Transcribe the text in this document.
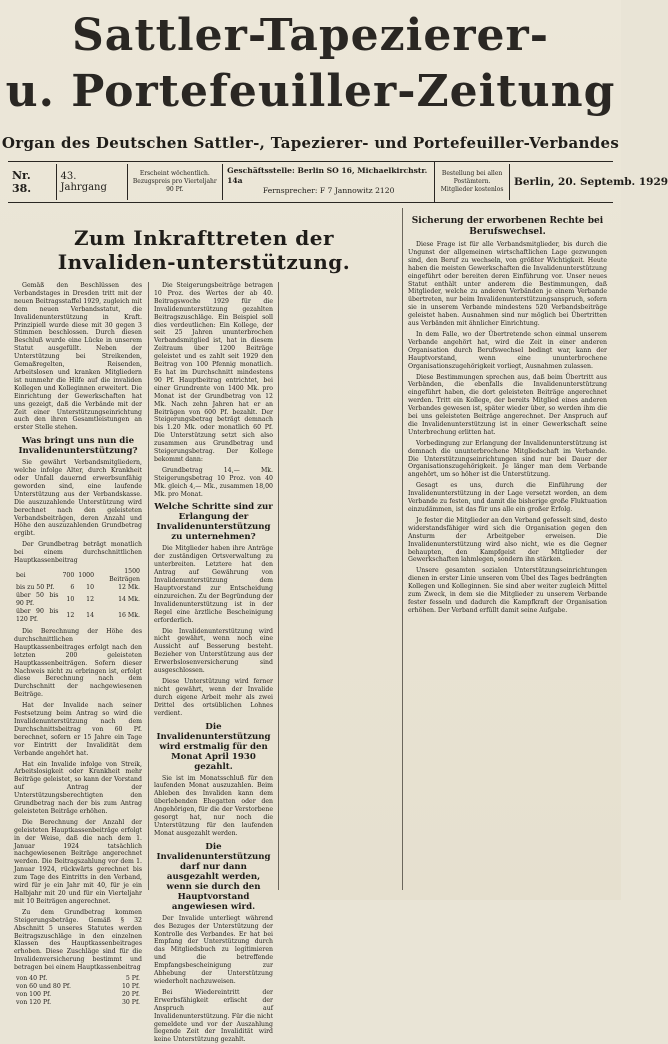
Sattler-Tapezierer-
u. Portefeuiller-Zeitung
Organ des Deutschen Sattler-, Tapezierer- und Portefeuiller-Verbandes
Nr. 38.
43. Jahrgang
Erscheint wöchentlich. Bezugspreis pro Vierteljahr 90 Pf.
Geschäftsstelle: Berlin SO 16, Michaelkirchstr. 14a
Fernsprecher: F 7 Jannowitz 2120
Bestellung bei allen Postämtern. Mitglieder kostenlos
Berlin, 20. Septemb. 1929
Zum Inkrafttreten der Invaliden-unterstützung.

Gemäß den Beschlüssen des Verbandstages in Dresden tritt mit der neuen Beitragsstaffel 1929, zugleich mit dem neuen Verbandsstatut, die Invalidenunterstützung in Kraft. Prinzipiell wurde diese mit 30 gegen 3 Stimmen beschlossen. Durch diesen Beschluß wurde eine Lücke in unserem Statut ausgefüllt. Neben der Unterstützung bei Streikenden, Gemaßregelten, Reisenden, Arbeitslosen und kranken Mitgliedern ist nunmehr die Hilfe auf die invaliden Kollegen und Kolleginnen erweitert. Die Einrichtung der Gewerkschaften hat uns gezeigt, daß die Verbände mit der Zeit einer Unterstützungseinrichtung auch den ihren Gesamtleistungen an erster Stelle stehen.

Was bringt uns nun die Invalidenunterstützung?

Sie gewährt Verbandsmitgliedern, welche infolge Alter, durch Krankheit oder Unfall dauernd erwerbsunfähig geworden sind, eine laufende Unterstützung aus der Verbandskasse. Die auszuzahlende Unterstützung wird berechnet nach den geleisteten Verbandsbeiträgen, deren Anzahl und Höhe den auszuzahlenden Grundbetrag ergibt.

Der Grundbetrag beträgt monatlich bei einem durchschnittlichen Hauptkassenbeitrag

bei	700	1000	1500 Beiträgen
bis zu 50 Pf.	6	10	12 Mk.
über 50 bis 90 Pf.	10	12	14 Mk.
über 90 bis 120 Pf.	12	14	16 Mk.

Die Berechnung der Höhe des durchschnittlichen Hauptkassenbeitrages erfolgt nach den letzten 200 geleisteten Hauptkassenbeiträgen. Sofern dieser Nachweis nicht zu erbringen ist, erfolgt diese Berechnung nach dem Durchschnitt der nachgewiesenen Beiträge.

Hat der Invalide nach seiner Festsetzung beim Antrag so wird die Invalidenunterstützung nach dem Durchschnittsbeitrag von 60 Pf. berechnet, sofern er 15 Jahre ein Tage vor Eintritt der Invalidität dem Verbande angehört hat.

Hat ein Invalide infolge von Streik, Arbeitslosigkeit oder Krankheit mehr Beiträge geleistet, so kann der Vorstand auf Antrag der Unterstützungsberechtigten den Grundbetrag nach der bis zum Antrag geleisteten Beiträge erhöhen.

Die Berechnung der Anzahl der geleisteten Hauptkassenbeiträge erfolgt in der Weise, daß die nach dem 1. Januar 1924 tatsächlich nachgewiesenen Beiträge angerechnet werden. Die Beitragszahlung vor dem 1. Januar 1924, rückwärts gerechnet bis zum Tage des Eintritts in den Verband, wird für je ein Jahr mit 40, für je ein Halbjahr mit 20 und für ein Vierteljahr mit 10 Beiträgen angerechnet.

Zu dem Grundbetrag kommen Steigerungsbeträge. Gemäß § 32 Abschnitt 5 unseres Statutes werden Beitragszuschläge in den einzelnen Klassen des Hauptkassenbeitrages erhoben. Diese Zuschläge sind für die Invalidenversicherung bestimmt und betragen bei einem Hauptkassenbeitrag

von 40 Pf.	5 Pf.
von 60 und 80 Pf.	10 Pf.
von 100 Pf.	20 Pf.
von 120 Pf.	30 Pf.

Die Steigerungsbeiträge betragen 10 Proz. des Wertes der ab 40. Beitragswoche 1929 für die Invalidenunterstützung gezahlten Beitragszuschläge. Ein Beispiel soll dies verdeutlichen: Ein Kollege, der seit 25 Jahren ununterbrochen Verbandsmitglied ist, hat in diesem Zeitraum über 1200 Beiträge geleistet und es zahlt seit 1929 den Beitrag von 100 Pfennig monatlich. Es hat im Durchschnitt mindestens 90 Pf. Hauptbeitrag entrichtet, bei einer Grundrente von 1400 Mk. pro Monat ist der Grundbetrag von 12 Mk. Nach zehn Jahren hat er an Beiträgen von 600 Pf. bezahlt. Der Steigerungsbetrag beträgt demnach bis 1.20 Mk. oder monatlich 60 Pf. Die Unterstützung setzt sich also zusammen aus Grundbetrag und Steigerungsbetrag. Der Kollege bekommt dann:

Grundbetrag 14,— Mk. Steigerungsbetrag 10 Proz. von 40 Mk. gleich 4,— Mk., zusammen 18,00 Mk. pro Monat.

Welche Schritte sind zur Erlangung der Invalidenunterstützung zu unternehmen?

Die Mitglieder haben ihre Anträge der zuständigen Ortsverwaltung zu unterbreiten. Letztere hat den Antrag auf Gewährung von Invalidenunterstützung dem Hauptvorstand zur Entscheidung einzureichen. Zu der Begründung der Invalidenunterstützung ist in der Regel eine ärztliche Bescheinigung erforderlich.

Die Invalidenunterstützung wird nicht gewährt, wenn noch eine Aussicht auf Besserung besteht. Bezieher von Unterstützung aus der Erwerbslosenversicherung sind ausgeschlossen.

Diese Unterstützung wird ferner nicht gewährt, wenn der Invalide durch eigene Arbeit mehr als zwei Drittel des ortsüblichen Lohnes verdient.

Die Invalidenunterstützung wird erstmalig für den Monat April 1930 gezahlt.

Sie ist im Monatsschluß für den laufenden Monat auszuzahlen. Beim Ableben des Invaliden kann dem überlebenden Ehegatten oder den Angehörigen, für die der Verstorbene gesorgt hat, nur noch die Unterstützung für den laufenden Monat ausgezahlt werden.

Die Invalidenunterstützung darf nur dann ausgezahlt werden, wenn sie durch den Hauptvorstand angewiesen wird.

Der Invalide unterliegt während des Bezuges der Unterstützung der Kontrolle des Verbandes. Er hat bei Empfang der Unterstützung durch das Mitgliedsbuch zu legitimieren und die betreffende Empfangsbescheinigung zur Abhebung der Unterstützung wiederholt nachzuweisen.

Bei Wiedereintritt der Erwerbsfähigkeit erlischt der Anspruch auf Invalidenunterstützung. Für die nicht gemeldete und vor der Auszahlung liegende Zeit der Invalidität wird keine Unterstützung gezahlt.

Sicherung der erworbenen Rechte bei Berufswechsel.

Diese Frage ist für alle Verbandsmitglieder, bis durch die Ungunst der allgemeinen wirtschaftlichen Lage gezwungen sind, den Beruf zu wechseln, von größter Wichtigkeit. Heute haben die meisten Gewerkschaften die Invalidenunterstützung eingeführt oder bereiten deren Einführung vor. Unser neues Statut enthält unter anderem die Bestimmungen, daß Mitglieder, welche zu anderen Verbänden je einem Verbande übertreten, nur beim Invalidenunterstützungsanspruch, sofern sie in unserem Verbande mindestens 520 Verbandsbeiträge geleistet haben. Ausnahmen sind nur möglich bei Übertritten aus Verbänden mit ähnlicher Einrichtung.

In dem Falle, wo der Übertretende schon einmal unserem Verbande angehört hat, wird die Zeit in einer anderen Organisation durch Berufswechsel bedingt war, kann der Hauptvorstand, wenn eine ununterbrochene Organisationszugehörigkeit vorliegt, Ausnahmen zulassen.

Diese Bestimmungen sprechen aus, daß beim Übertritt aus Verbänden, die ebenfalls die Invalidenunterstützung eingeführt haben, die dort geleisteten Beiträge angerechnet werden. Tritt ein Kollege, der bereits Mitglied eines anderen Verbandes gewesen ist, später wieder über, so werden ihm die bei uns geleisteten Beiträge angerechnet. Der Anspruch auf die Invalidenunterstützung ist in einer Gewerkschaft seine Unterbrechung erlitten hat.

Vorbedingung zur Erlangung der Invalidenunterstützung ist demnach die ununterbrochene Mitgliedschaft im Verbande. Die Unterstützungseinrichtungen sind nur bei Dauer der Organisationszugehörigkeit. Je länger man dem Verbande angehört, um so höher ist die Unterstützung.

Gesagt es uns, durch die Einführung der Invalidenunterstützung in der Lage versetzt worden, an dem Verbande zu festen, und damit die bisherige große Fluktuation einzudämmen, ist das für uns alle ein großer Erfolg.

Je fester die Mitglieder an den Verband gefesselt sind, desto widerstandsfähiger wird sich die Organisation gegen den Ansturm der Arbeitgeber erweisen. Die Invalidenunterstützung wird also nicht, wie es die Gegner behaupten, den Kampfgeist der Mitglieder der Gewerkschaften lahmlegen, sondern ihn stärken.

Unsere gesamten sozialen Unterstützungseinrichtungen dienen in erster Linie unseren vom Übel des Tages bedrängten Kollegen und Kolleginnen. Sie sind aber weiter zugleich Mittel zum Zweck, in dem sie die Mitglieder zu unserem Verbande fester fesseln und dadurch die Kampfkraft der Organisation erhöhen. Der Verband erfüllt damit seine Aufgabe.
